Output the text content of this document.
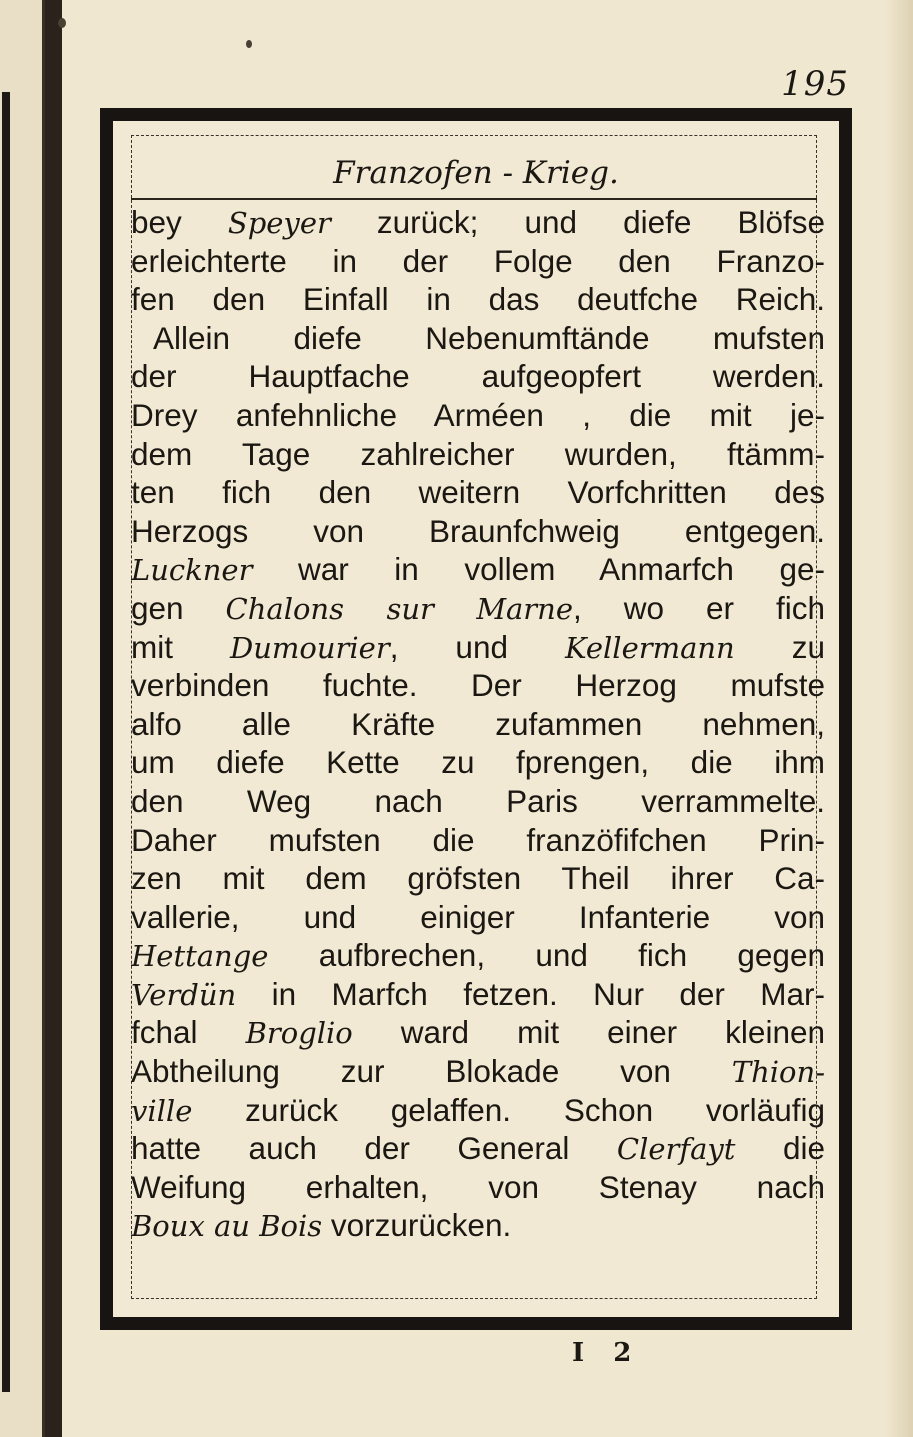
195
Franzofen - Krieg.
bey Speyer zurück; und diefe Blöfse
erleichterte in der Folge den Franzo-
fen den Einfall in das deutfche Reich.
Allein diefe Nebenumftände mufsten
der Hauptfache aufgeopfert werden.
Drey anfehnliche Arméen , die mit je-
dem Tage zahlreicher wurden, ftämm-
ten fich den weitern Vorfchritten des
Herzogs von Braunfchweig entgegen.
Luckner war in vollem Anmarfch ge-
gen Chalons sur Marne, wo er fich
mit Dumourier, und Kellermann zu
verbinden fuchte. Der Herzog mufste
alfo alle Kräfte zufammen nehmen,
um diefe Kette zu fprengen, die ihm
den Weg nach Paris verrammelte.
Daher mufsten die franzöfifchen Prin-
zen mit dem gröfsten Theil ihrer Ca-
vallerie, und einiger Infanterie von
Hettange aufbrechen, und fich gegen
Verdün in Marfch fetzen. Nur der Mar-
fchal Broglio ward mit einer kleinen
Abtheilung zur Blokade von Thion-
ville zurück gelaffen. Schon vorläufig
hatte auch der General Clerfayt die
Weifung erhalten, von Stenay nach
Boux au Bois vorzurücken.
I 2
